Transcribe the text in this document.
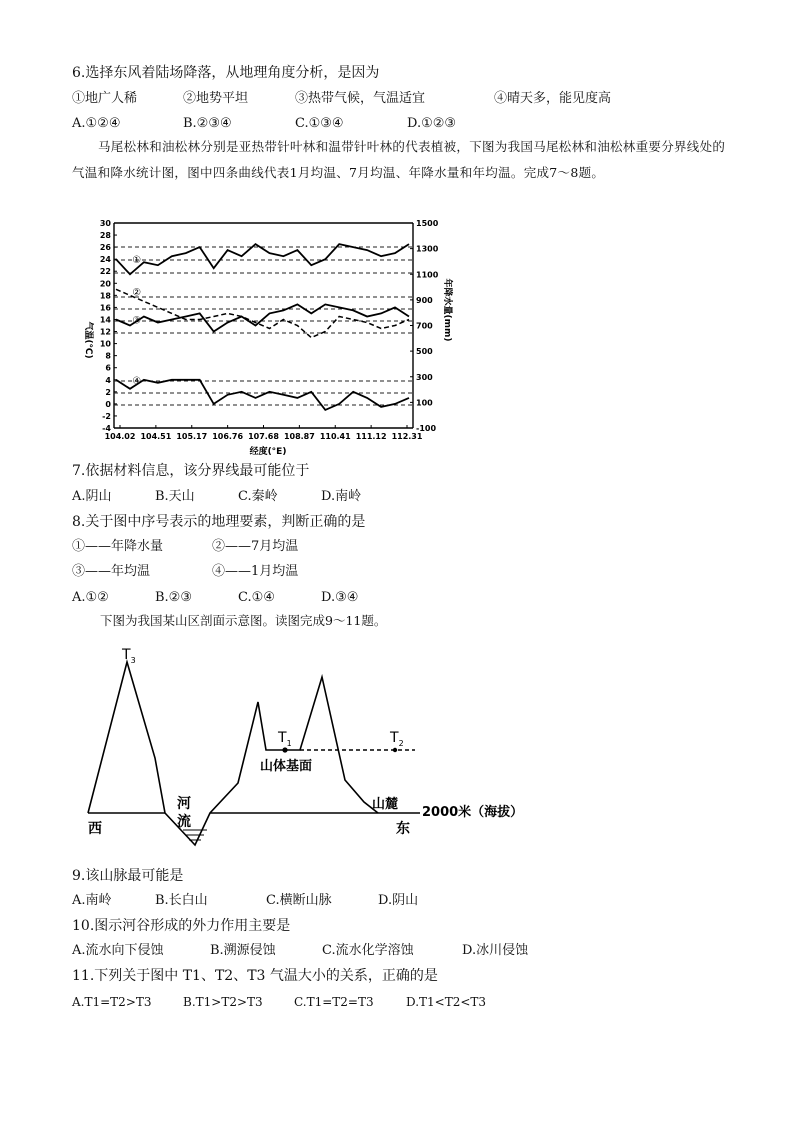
6.选择东风着陆场降落，从地理角度分析，是因为
①地广人稀	②地势平坦	③热带气候，气温适宜	④晴天多，能见度高
A.①②④	B.②③④	C.①③④	D.①②③
马尾松林和油松林分别是亚热带针叶林和温带针叶林的代表植被，下图为我国马尾松林和油松林重要分界线处的气温和降水统计图，图中四条曲线代表1月均温、7月均温、年降水量和年均温。完成7～8题。
30
28
26
24
22
20
18
16
14
12
10
8
6
4
2
0
-2
-4
1500
1300
1100
900
700
500
300
100
-100
104.02 104.51 105.17 106.76 107.68 108.87 110.41 111.12 112.31
①
②
③
④
气温(℃)	年降水量(mm)
经度(°E)
7.依据材料信息，该分界线最可能位于
A.阴山	B.天山	C.秦岭	D.南岭
8.关于图中序号表示的地理要素，判断正确的是
①——年降水量	②——7月均温
③——年均温	④——1月均温
A.①②	B.②③	C.①④	D.③④
下图为我国某山区剖面示意图。读图完成9～11题。
$T_3$
$T_1$	$T_2$
河
流
山体基面
山麓
2000米（海拔）
西	东
9.该山脉最可能是
A.南岭	B.长白山	C.横断山脉	D.阴山
10.图示河谷形成的外力作用主要是
A.流水向下侵蚀	B.溯源侵蚀	C.流水化学溶蚀	D.冰川侵蚀
11.下列关于图中 T1、T2、T3 气温大小的关系，正确的是
A.T1=T2>T3	B.T1>T2>T3	C.T1=T2=T3	D.T1<T2<T3
